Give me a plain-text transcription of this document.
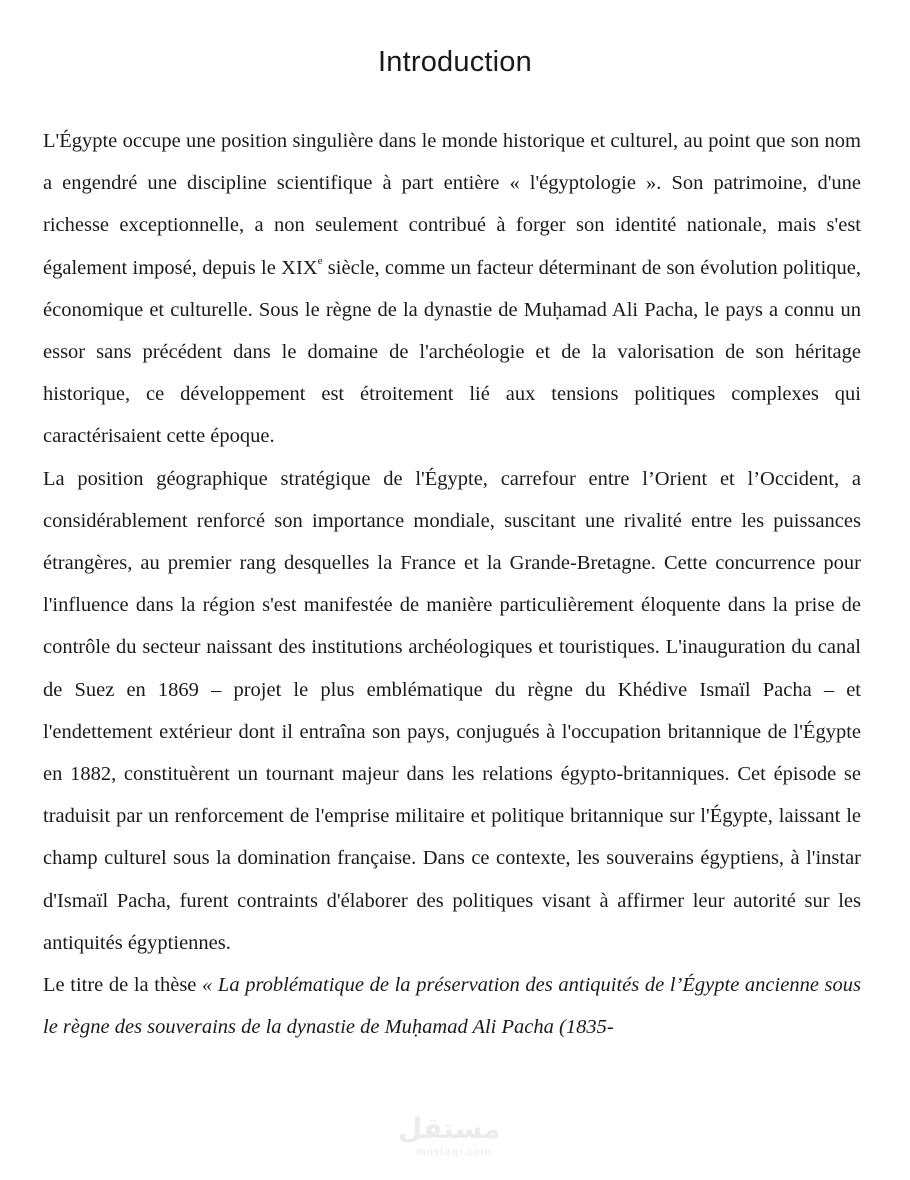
Introduction

L'Égypte occupe une position singulière dans le monde historique et culturel, au point que son nom a engendré une discipline scientifique à part entière « l'égyptologie ». Son patrimoine, d'une richesse exceptionnelle, a non seulement contribué à forger son identité nationale, mais s'est également imposé, depuis le XIXe siècle, comme un facteur déterminant de son évolution politique, économique et culturelle. Sous le règne de la dynastie de Muḥamad Ali Pacha, le pays a connu un essor sans précédent dans le domaine de l'archéologie et de la valorisation de son héritage historique, ce développement est étroitement lié aux tensions politiques complexes qui caractérisaient cette époque.

La position géographique stratégique de l'Égypte, carrefour entre l’Orient et l’Occident, a considérablement renforcé son importance mondiale, suscitant une rivalité entre les puissances étrangères, au premier rang desquelles la France et la Grande-Bretagne. Cette concurrence pour l'influence dans la région s'est manifestée de manière particulièrement éloquente dans la prise de contrôle du secteur naissant des institutions archéologiques et touristiques. L'inauguration du canal de Suez en 1869 – projet le plus emblématique du règne du Khédive Ismaïl Pacha – et l'endettement extérieur dont il entraîna son pays, conjugués à l'occupation britannique de l'Égypte en 1882, constituèrent un tournant majeur dans les relations égypto-britanniques. Cet épisode se traduisit par un renforcement de l'emprise militaire et politique britannique sur l'Égypte, laissant le champ culturel sous la domination française. Dans ce contexte, les souverains égyptiens, à l'instar d'Ismaïl Pacha, furent contraints d'élaborer des politiques visant à affirmer leur autorité sur les antiquités égyptiennes.

Le titre de la thèse « La problématique de la préservation des antiquités de l’Égypte ancienne sous le règne des souverains de la dynastie de Muḥamad Ali Pacha (1835-

مستقل
mostaql.com
